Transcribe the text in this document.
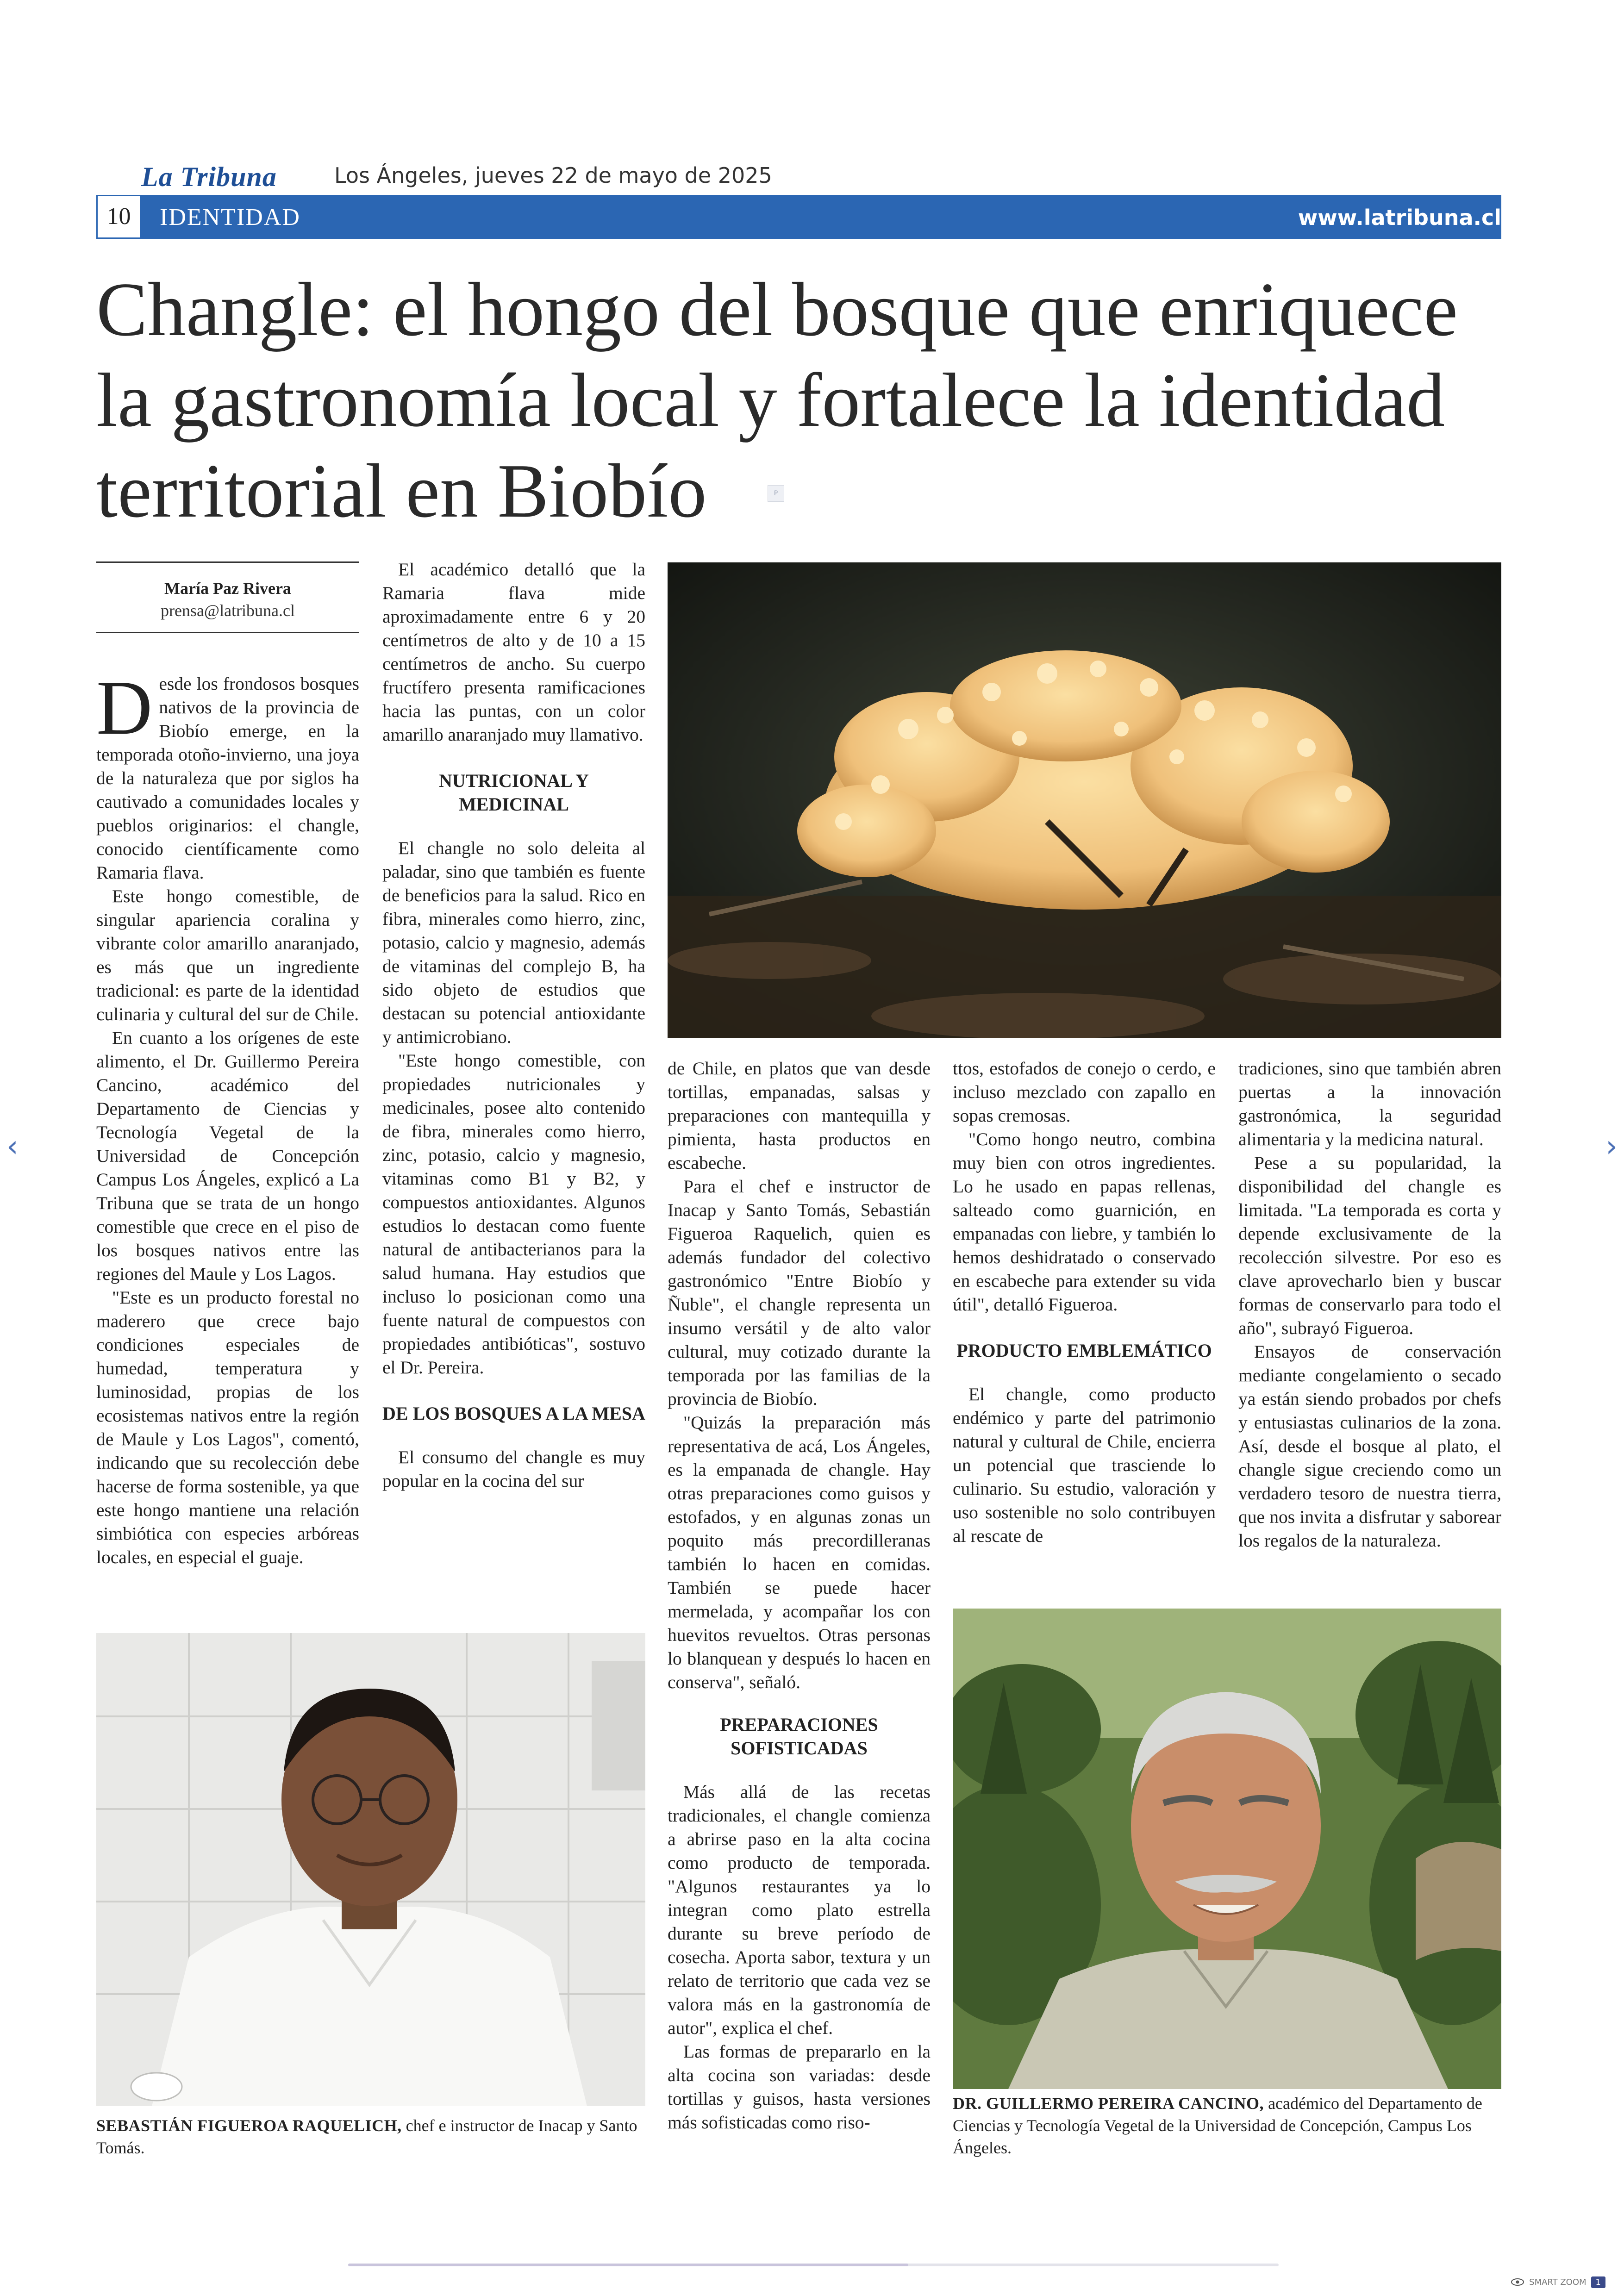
La Tribuna	Los Ángeles, jueves 22 de mayo de 2025
10	IDENTIDAD	www.latribuna.cl
Changle: el hongo del bosque que enriquece la gastronomía local y fortalece la identidad territorial en Biobío	P
María Paz Rivera
prensa@latribuna.cl

Desde los frondosos bosques nativos de la provincia de Biobío emerge, en la temporada otoño-invierno, una joya de la naturaleza que por siglos ha cautivado a comunidades locales y pueblos originarios: el changle, conocido científicamente como Ramaria flava.

Este hongo comestible, de singular apariencia coralina y vibrante color amarillo anaranjado, es más que un ingrediente tradicional: es parte de la identidad culinaria y cultural del sur de Chile.

En cuanto a los orígenes de este alimento, el Dr. Guillermo Pereira Cancino, académico del Departamento de Ciencias y Tecnología Vegetal de la Universidad de Concepción Campus Los Ángeles, explicó a La Tribuna que se trata de un hongo comestible que crece en el piso de los bosques nativos entre las regiones del Maule y Los Lagos.

"Este es un producto forestal no maderero que crece bajo condiciones especiales de humedad, temperatura y luminosidad, propias de los ecosistemas nativos entre la región de Maule y Los Lagos", comentó, indicando que su recolección debe hacerse de forma sostenible, ya que este hongo mantiene una relación simbiótica con especies arbóreas locales, en especial el guaje.

El académico detalló que la Ramaria flava mide aproximadamente entre 6 y 20 centímetros de alto y de 10 a 15 centímetros de ancho. Su cuerpo fructífero presenta ramificaciones hacia las puntas, con un color amarillo anaranjado muy llamativo.

NUTRICIONAL Y MEDICINAL

El changle no solo deleita al paladar, sino que también es fuente de beneficios para la salud. Rico en fibra, minerales como hierro, zinc, potasio, calcio y magnesio, además de vitaminas del complejo B, ha sido objeto de estudios que destacan su potencial antioxidante y antimicrobiano.

"Este hongo comestible, con propiedades nutricionales y medicinales, posee alto contenido de fibra, minerales como hierro, zinc, potasio, calcio y magnesio, vitaminas como B1 y B2, y compuestos antioxidantes. Algunos estudios lo destacan como fuente natural de antibacterianos para la salud humana. Hay estudios que incluso lo posicionan como una fuente natural de compuestos con propiedades antibióticas", sostuvo el Dr. Pereira.

DE LOS BOSQUES A LA MESA

El consumo del changle es muy popular en la cocina del sur

de Chile, en platos que van desde tortillas, empanadas, salsas y preparaciones con mantequilla y pimienta, hasta productos en escabeche.

Para el chef e instructor de Inacap y Santo Tomás, Sebastián Figueroa Raquelich, quien es además fundador del colectivo gastronómico "Entre Biobío y Ñuble", el changle representa un insumo versátil y de alto valor cultural, muy cotizado durante la temporada por las familias de la provincia de Biobío.

"Quizás la preparación más representativa de acá, Los Ángeles, es la empanada de changle. Hay otras preparaciones como guisos y estofados, y en algunas zonas un poquito más precordilleranas también lo hacen en comidas. También se puede hacer mermelada, y acompañar los con huevitos revueltos. Otras personas lo blanquean y después lo hacen en conserva", señaló.

PREPARACIONES SOFISTICADAS

Más allá de las recetas tradicionales, el changle comienza a abrirse paso en la alta cocina como producto de temporada. "Algunos restaurantes ya lo integran como plato estrella durante su breve período de cosecha. Aporta sabor, textura y un relato de territorio que cada vez se valora más en la gastronomía de autor", explica el chef.

Las formas de prepararlo en la alta cocina son variadas: desde tortillas y guisos, hasta versiones más sofisticadas como riso-

ttos, estofados de conejo o cerdo, e incluso mezclado con zapallo en sopas cremosas.

"Como hongo neutro, combina muy bien con otros ingredientes. Lo he usado en papas rellenas, salteado como guarnición, en empanadas con liebre, y también lo hemos deshidratado o conservado en escabeche para extender su vida útil", detalló Figueroa.

PRODUCTO EMBLEMÁTICO

El changle, como producto endémico y parte del patrimonio natural y cultural de Chile, encierra un potencial que trasciende lo culinario. Su estudio, valoración y uso sostenible no solo contribuyen al rescate de

tradiciones, sino que también abren puertas a la innovación gastronómica, la seguridad alimentaria y la medicina natural.

Pese a su popularidad, la disponibilidad del changle es limitada. "La temporada es corta y depende exclusivamente de la recolección silvestre. Por eso es clave aprovecharlo bien y buscar formas de conservarlo para todo el año", subrayó Figueroa.

Ensayos de conservación mediante congelamiento o secado ya están siendo probados por chefs y entusiastas culinarios de la zona. Así, desde el bosque al plato, el changle sigue creciendo como un verdadero tesoro de nuestra tierra, que nos invita a disfrutar y saborear los regalos de la naturaleza.

SEBASTIÁN FIGUEROA RAQUELICH, chef e instructor de Inacap y Santo Tomás.
DR. GUILLERMO PEREIRA CANCINO, académico del Departamento de Ciencias y Tecnología Vegetal de la Universidad de Concepción, Campus Los Ángeles.
‹	›
SMART ZOOM	1
